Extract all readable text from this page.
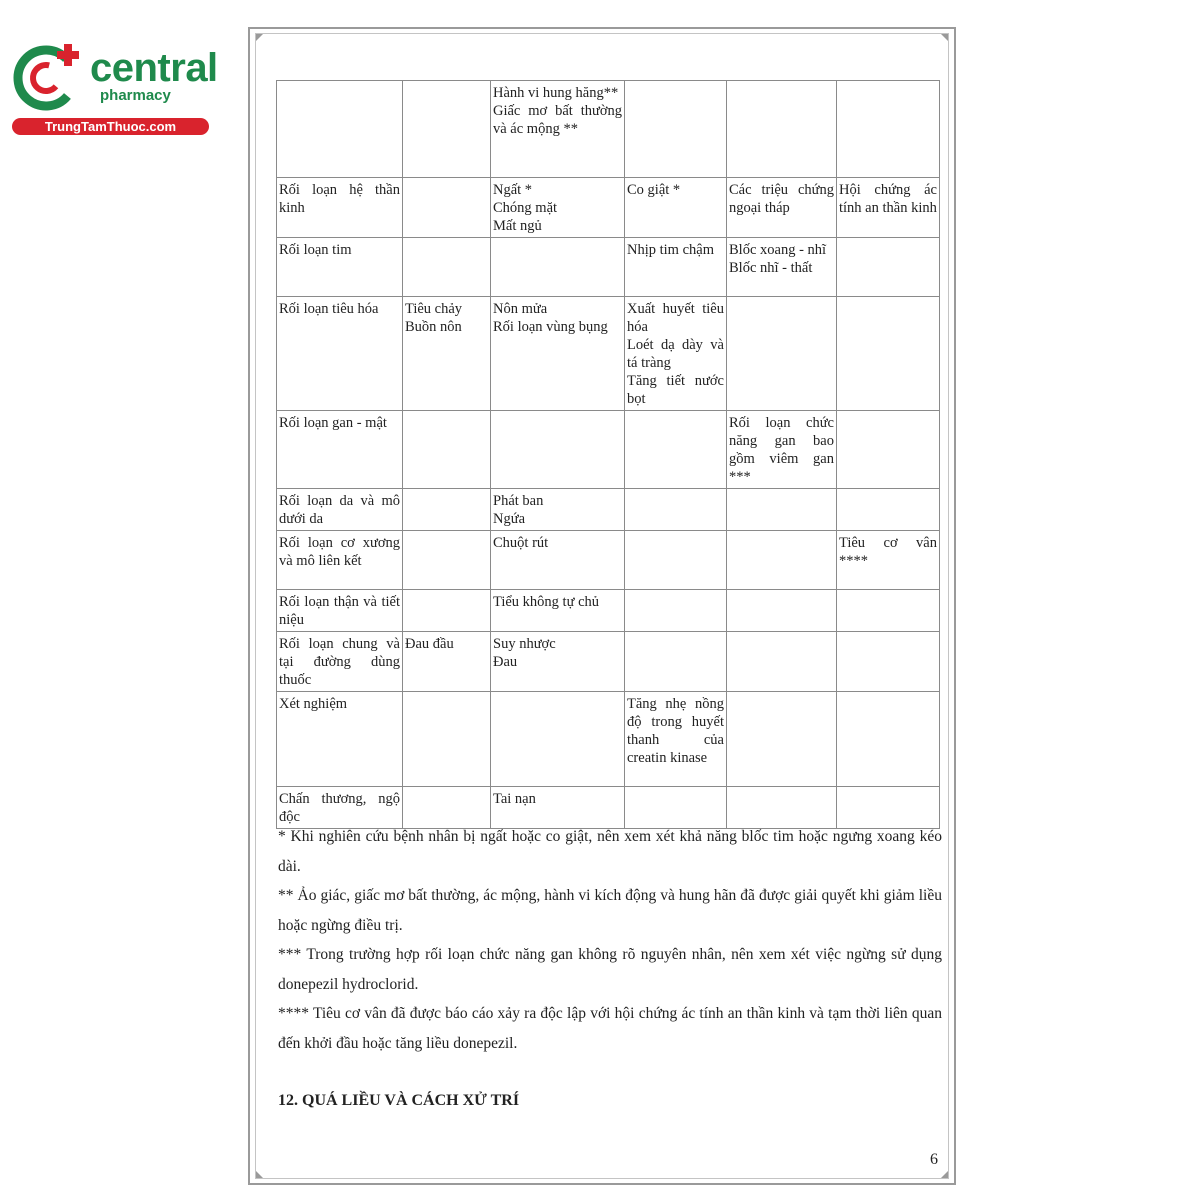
central
pharmacy
TrungTamThuoc.com

		Hành vi hung hăng**
Giấc mơ bất thường và ác mộng **			

Rối loạn hệ thần kinh		Ngất *
Chóng mặt
Mất ngủ	Co giật *	Các triệu chứng ngoại tháp	Hội chứng ác tính an thần kinh

Rối loạn tim			Nhịp tim chậm	Blốc xoang - nhĩ
Blốc nhĩ - thất	

Rối loạn tiêu hóa	Tiêu chảy
Buồn nôn	Nôn mửa
Rối loạn vùng bụng	Xuất huyết tiêu hóa
Loét dạ dày và tá tràng
Tăng tiết nước bọt		

Rối loạn gan - mật				Rối loạn chức năng gan bao gồm viêm gan ***	

Rối loạn da và mô dưới da		Phát ban
Ngứa			

Rối loạn cơ xương và mô liên kết		Chuột rút			Tiêu cơ vân ****

Rối loạn thận và tiết niệu		Tiểu không tự chủ			

Rối loạn chung và tại đường dùng thuốc	Đau đầu	Suy nhược
Đau			

Xét nghiệm			Tăng nhẹ nồng độ trong huyết thanh của creatin kinase		

Chấn thương, ngộ độc		Tai nạn			

* Khi nghiên cứu bệnh nhân bị ngất hoặc co giật, nên xem xét khả năng blốc tim hoặc ngưng xoang kéo dài.

** Ảo giác, giấc mơ bất thường, ác mộng, hành vi kích động và hung hãn đã được giải quyết khi giảm liều hoặc ngừng điều trị.

*** Trong trường hợp rối loạn chức năng gan không rõ nguyên nhân, nên xem xét việc ngừng sử dụng donepezil hydroclorid.

**** Tiêu cơ vân đã được báo cáo xảy ra độc lập với hội chứng ác tính an thần kinh và tạm thời liên quan đến khởi đầu hoặc tăng liều donepezil.

12. QUÁ LIỀU VÀ CÁCH XỬ TRÍ
6
